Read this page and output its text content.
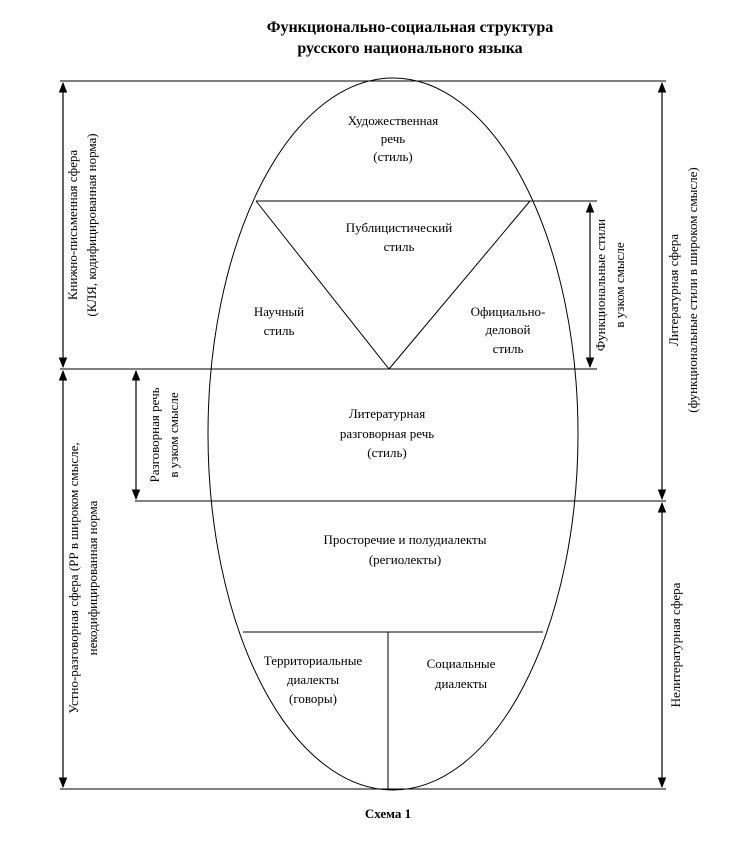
Функционально-социальная структура
русского национального языка
Художественная
речь
(стиль)
Публицистический
стиль
Научный
стиль
Официально-
деловой
стиль
Литературная
разговорная речь
(стиль)
Просторечие и полудиалекты
(региолекты)
Территориальные
диалекты
(говоры)
Социальные
диалекты
Книжно-письменная сфера (КЛЯ, кодифицированная норма)
Устно-разговорная сфера (РР в широком смысле, некодифицированная норма
Разговорная речь в узком смысле
Функциональные стили в узком смысле	Литературная сфера (функциональные стили в широком смысле)
Нелитературная сфера
Схема 1
